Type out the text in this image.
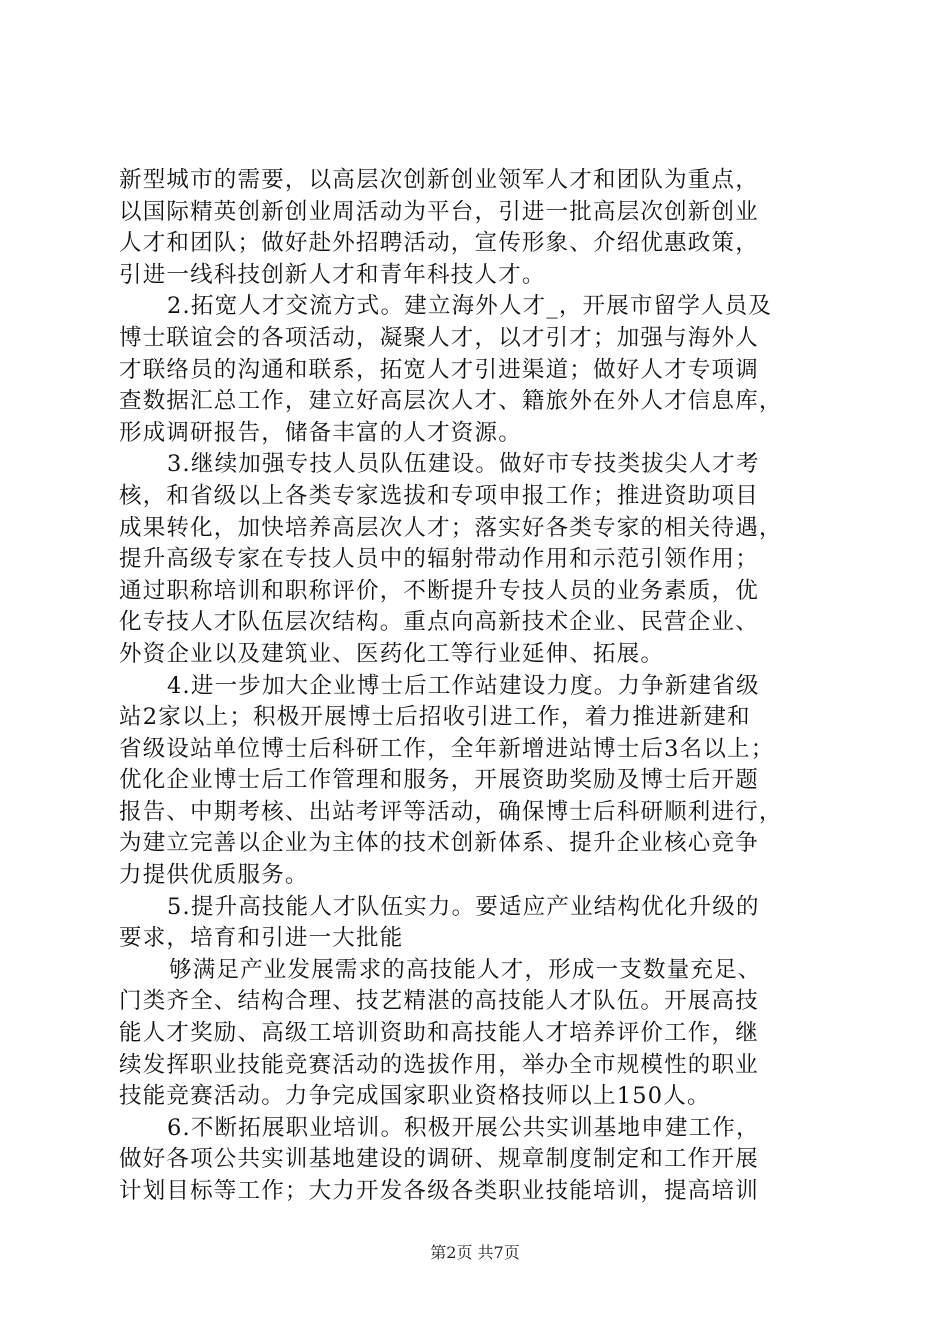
新型城市的需要，以高层次创新创业领军人才和团队为重点，
以国际精英创新创业周活动为平台，引进一批高层次创新创业
人才和团队；做好赴外招聘活动，宣传形象、介绍优惠政策，
引进一线科技创新人才和青年科技人才。
2.拓宽人才交流方式。建立海外人才_，开展市留学人员及
博士联谊会的各项活动，凝聚人才，以才引才；加强与海外人
才联络员的沟通和联系，拓宽人才引进渠道；做好人才专项调
查数据汇总工作，建立好高层次人才、籍旅外在外人才信息库，
形成调研报告，储备丰富的人才资源。
3.继续加强专技人员队伍建设。做好市专技类拔尖人才考
核，和省级以上各类专家选拔和专项申报工作；推进资助项目
成果转化，加快培养高层次人才；落实好各类专家的相关待遇，
提升高级专家在专技人员中的辐射带动作用和示范引领作用；
通过职称培训和职称评价，不断提升专技人员的业务素质，优
化专技人才队伍层次结构。重点向高新技术企业、民营企业、
外资企业以及建筑业、医药化工等行业延伸、拓展。
4.进一步加大企业博士后工作站建设力度。力争新建省级
站2家以上；积极开展博士后招收引进工作，着力推进新建和
省级设站单位博士后科研工作，全年新增进站博士后3名以上；
优化企业博士后工作管理和服务，开展资助奖励及博士后开题
报告、中期考核、出站考评等活动，确保博士后科研顺利进行，
为建立完善以企业为主体的技术创新体系、提升企业核心竞争
力提供优质服务。
5.提升高技能人才队伍实力。要适应产业结构优化升级的
要求，培育和引进一大批能
够满足产业发展需求的高技能人才，形成一支数量充足、
门类齐全、结构合理、技艺精湛的高技能人才队伍。开展高技
能人才奖励、高级工培训资助和高技能人才培养评价工作，继
续发挥职业技能竞赛活动的选拔作用，举办全市规模性的职业
技能竞赛活动。力争完成国家职业资格技师以上150人。
6.不断拓展职业培训。积极开展公共实训基地申建工作，
做好各项公共实训基地建设的调研、规章制度制定和工作开展
计划目标等工作；大力开发各级各类职业技能培训，提高培训
第2页 共7页
